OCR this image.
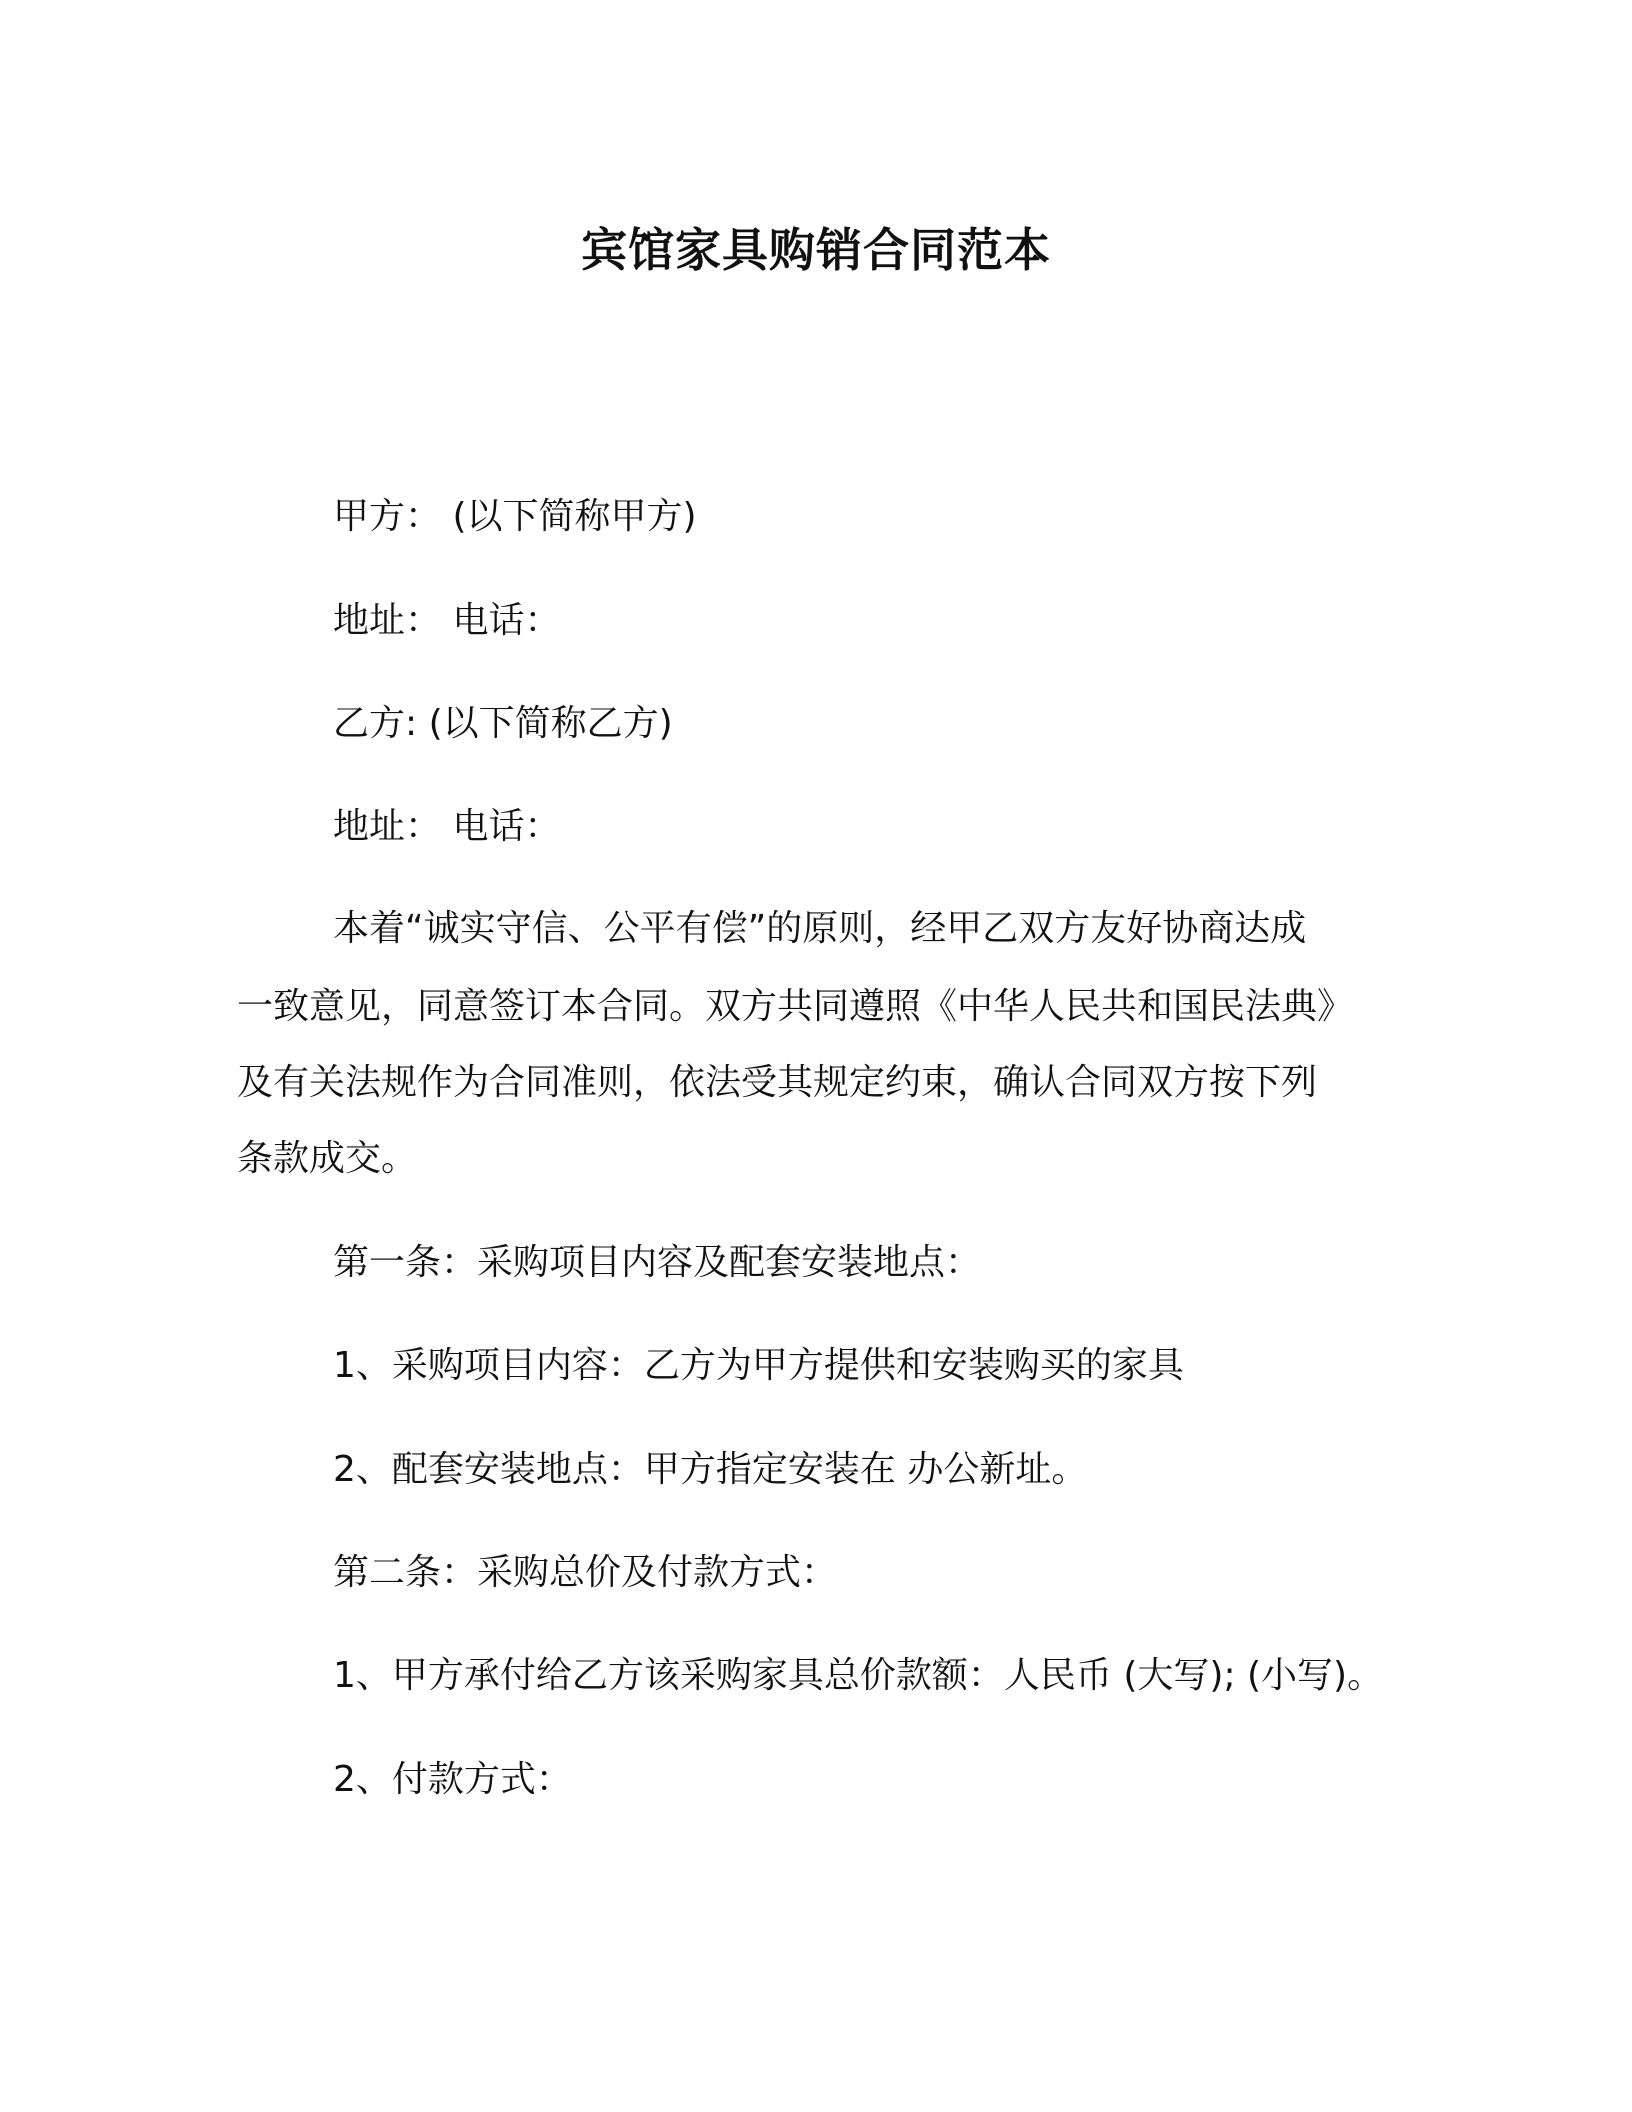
宾馆家具购销合同范本

甲方： (以下简称甲方)

地址： 电话：

乙方: (以下简称乙方)

地址： 电话：

本着“诚实守信、公平有偿”的原则，经甲乙双方友好协商达成

一致意见，同意签订本合同。双方共同遵照《中华人民共和国民法典》

及有关法规作为合同准则，依法受其规定约束，确认合同双方按下列

条款成交。

第一条：采购项目内容及配套安装地点：

1、采购项目内容：乙方为甲方提供和安装购买的家具

2、配套安装地点：甲方指定安装在 办公新址。

第二条：采购总价及付款方式：

1、甲方承付给乙方该采购家具总价款额：人民币 (大写); (小写)。

2、付款方式：
